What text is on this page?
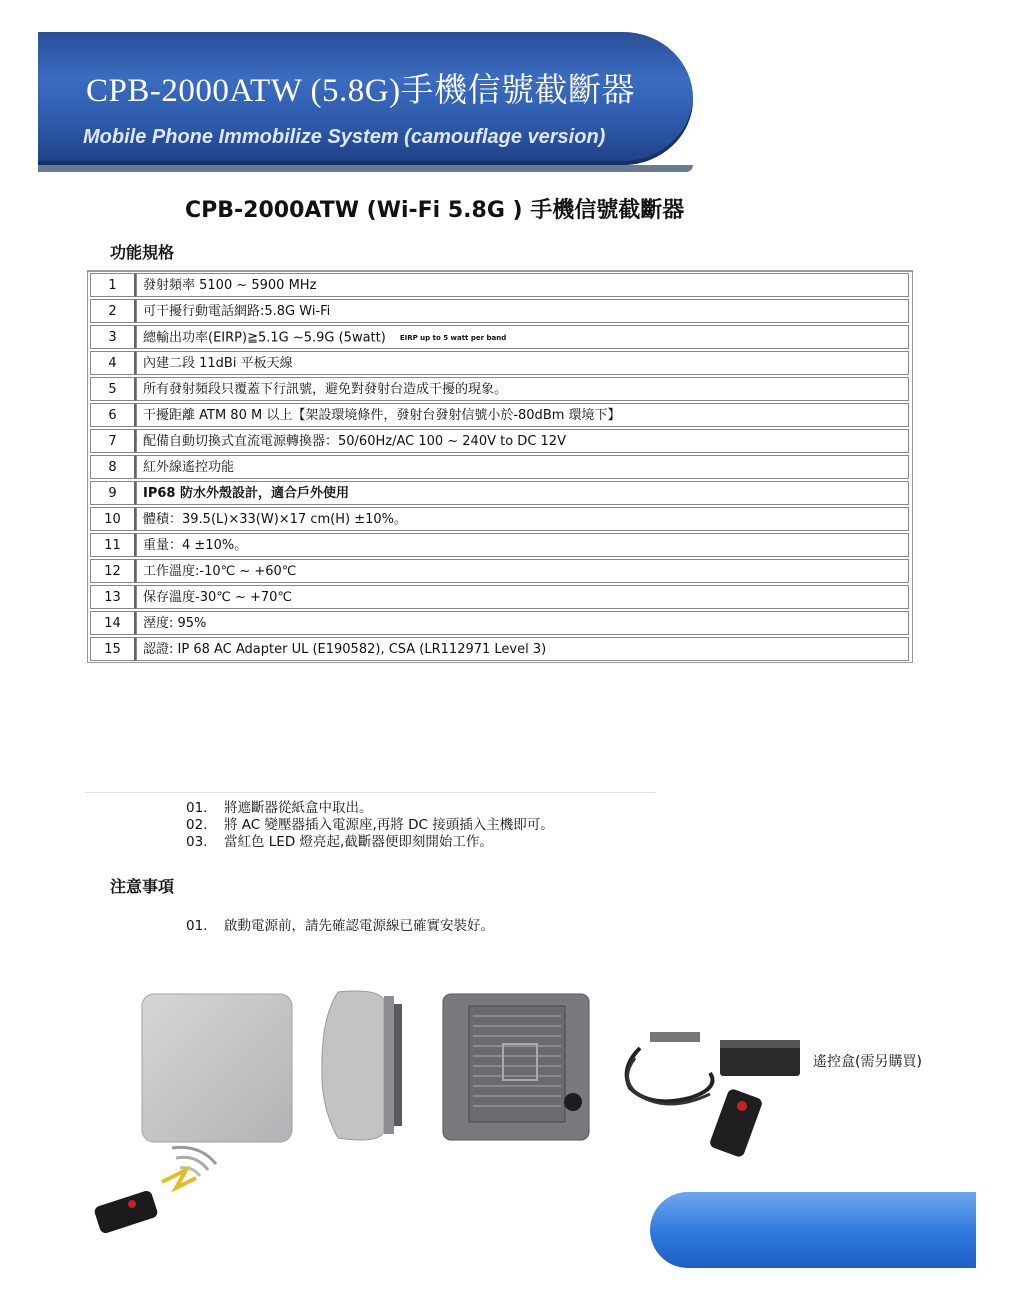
CPB-2000ATW (5.8G)手機信號截斷器
Mobile Phone Immobilize System (camouflage version)
CPB-2000ATW (Wi-Fi 5.8G ) 手機信號截斷器
功能規格
1	發射頻率 5100 ~ 5900 MHz
2	可干擾行動電話網路:5.8G Wi-Fi
3	總輸出功率(EIRP)≧5.1G ~5.9G (5watt) EIRP up to 5 watt per band
4	內建二段 11dBi 平板天線
5	所有發射頻段只覆蓋下行訊號，避免對發射台造成干擾的現象。
6	干擾距離 ATM 80 M 以上【架設環境條件，發射台發射信號小於-80dBm 環境下】
7	配備自動切換式直流電源轉換器：50/60Hz/AC 100 ~ 240V to DC 12V
8	紅外線遙控功能
9	IP68 防水外殼設計，適合戶外使用
10	體積：39.5(L)×33(W)×17 cm(H) ±10%。
11	重量：4 ±10%。
12	工作溫度:-10℃ ~ +60℃
13	保存溫度-30℃ ~ +70℃
14	溼度: 95%
15	認證: IP 68 AC Adapter UL (E190582), CSA (LR112971 Level 3)
01. 將遮斷器從紙盒中取出。
02. 將 AC 變壓器插入電源座,再將 DC 接頭插入主機即可。
03. 當紅色 LED 燈亮起,截斷器便即刻開始工作。
注意事項
01. 啟動電源前，請先確認電源線已確實安裝好。
遙控盒(需另購買)
